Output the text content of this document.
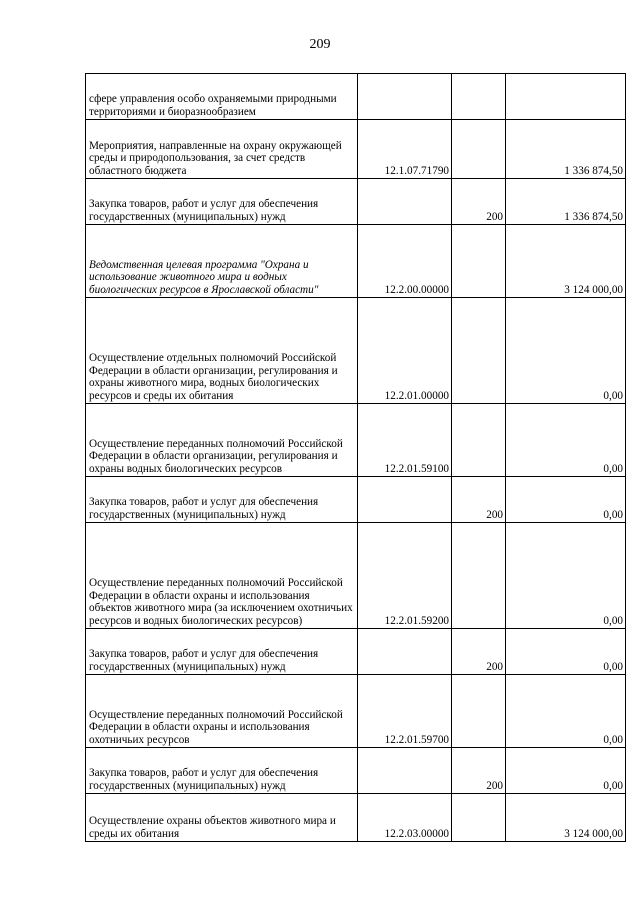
209
сфере управления особо охраняемыми природными территориями и биоразнообразием			
Мероприятия, направленные на охрану окружающей среды и природопользования, за счет средств областного бюджета	12.1.07.71790		1 336 874,50
Закупка товаров, работ и услуг для обеспечения государственных (муниципальных) нужд		200	1 336 874,50
Ведомственная целевая программа "Охрана и использование животного мира и водных биологических ресурсов в Ярославской области"	12.2.00.00000		3 124 000,00
Осуществление отдельных полномочий Российской Федерации в области организации, регулирования и охраны животного мира, водных биологических ресурсов и среды их обитания	12.2.01.00000		0,00
Осуществление переданных полномочий Российской Федерации в области организации, регулирования и охраны водных биологических ресурсов	12.2.01.59100		0,00
Закупка товаров, работ и услуг для обеспечения государственных (муниципальных) нужд		200	0,00
Осуществление переданных полномочий Российской Федерации в области охраны и использования объектов животного мира (за исключением охотничьих ресурсов и водных биологических ресурсов)	12.2.01.59200		0,00
Закупка товаров, работ и услуг для обеспечения государственных (муниципальных) нужд		200	0,00
Осуществление переданных полномочий Российской Федерации в области охраны и использования охотничьих ресурсов	12.2.01.59700		0,00
Закупка товаров, работ и услуг для обеспечения государственных (муниципальных) нужд		200	0,00
Осуществление охраны объектов животного мира и среды их обитания	12.2.03.00000		3 124 000,00
